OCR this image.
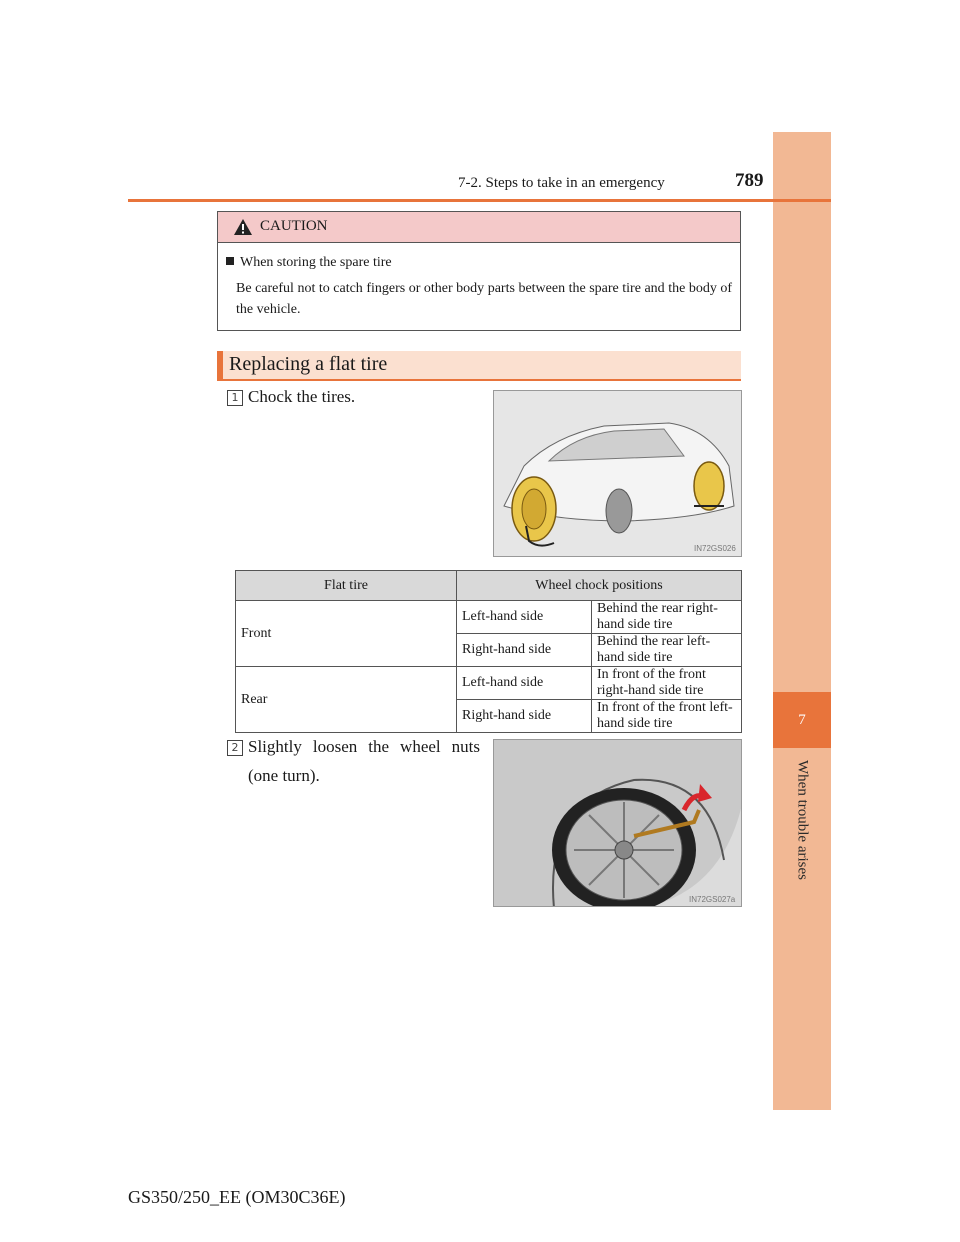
7
When trouble arises
7-2. Steps to take in an emergency	789
CAUTION
When storing the spare tire
Be careful not to catch fingers or other body parts between the spare tire and the body of the vehicle.
Replacing a flat tire
1 Chock the tires.
IN72GS026
Flat tire	Wheel chock positions	
Front	Left-hand side	Behind the rear right-hand side tire
	Right-hand side	Behind the rear left-hand side tire
Rear	Left-hand side	In front of the front right-hand side tire
	Right-hand side	In front of the front left-hand side tire
2 Slightly loosen the wheel nuts (one turn).
IN72GS027a
GS350/250_EE (OM30C36E)
